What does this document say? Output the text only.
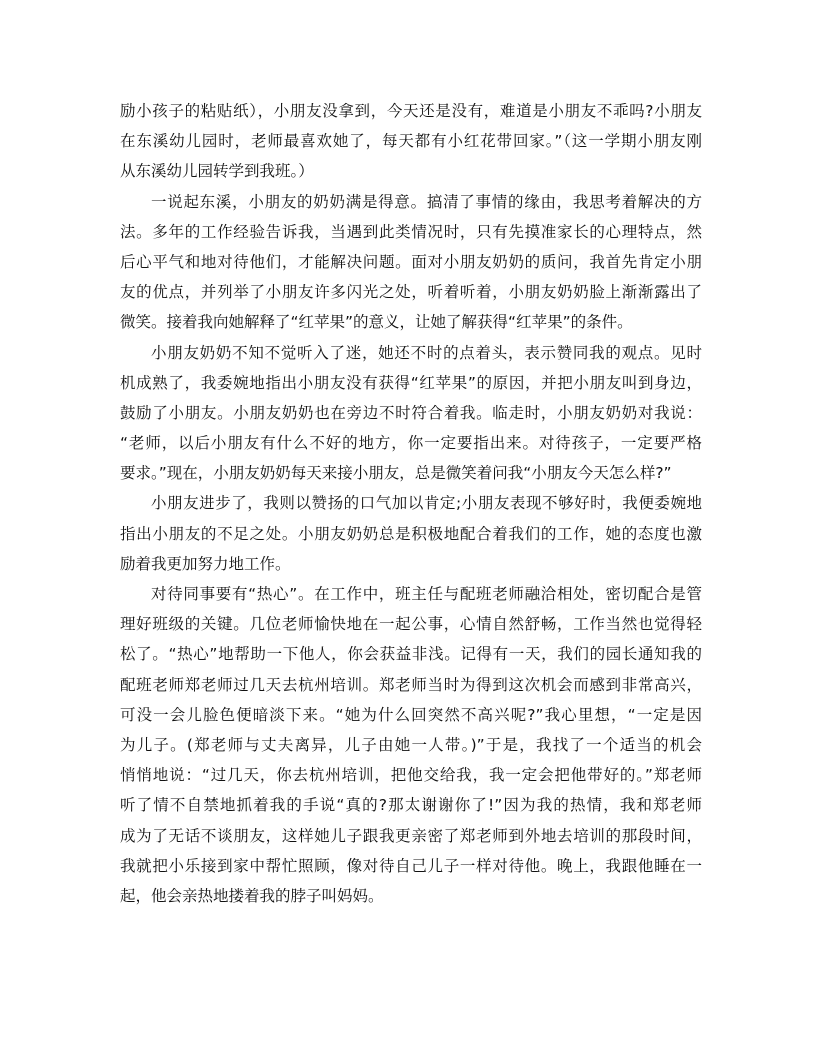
励小孩子的粘贴纸），小朋友没拿到，今天还是没有，难道是小朋友不乖吗?小朋友
在东溪幼儿园时，老师最喜欢她了，每天都有小红花带回家。”（这一学期小朋友刚
从东溪幼儿园转学到我班。）
一说起东溪，小朋友的奶奶满是得意。搞清了事情的缘由，我思考着解决的方
法。多年的工作经验告诉我，当遇到此类情况时，只有先摸准家长的心理特点，然
后心平气和地对待他们，才能解决问题。面对小朋友奶奶的质问，我首先肯定小朋
友的优点，并列举了小朋友许多闪光之处，听着听着，小朋友奶奶脸上渐渐露出了
微笑。接着我向她解释了“红苹果”的意义，让她了解获得“红苹果”的条件。
小朋友奶奶不知不觉听入了迷，她还不时的点着头，表示赞同我的观点。见时
机成熟了，我委婉地指出小朋友没有获得“红苹果”的原因，并把小朋友叫到身边，
鼓励了小朋友。小朋友奶奶也在旁边不时符合着我。临走时，小朋友奶奶对我说：
“老师，以后小朋友有什么不好的地方，你一定要指出来。对待孩子，一定要严格
要求。”现在，小朋友奶奶每天来接小朋友，总是微笑着问我“小朋友今天怎么样?”
小朋友进步了，我则以赞扬的口气加以肯定;小朋友表现不够好时，我便委婉地
指出小朋友的不足之处。小朋友奶奶总是积极地配合着我们的工作，她的态度也激
励着我更加努力地工作。
对待同事要有“热心”。在工作中，班主任与配班老师融洽相处，密切配合是管
理好班级的关键。几位老师愉快地在一起公事，心情自然舒畅，工作当然也觉得轻
松了。“热心”地帮助一下他人，你会获益非浅。记得有一天，我们的园长通知我的
配班老师郑老师过几天去杭州培训。郑老师当时为得到这次机会而感到非常高兴，
可没一会儿脸色便暗淡下来。“她为什么回突然不高兴呢?”我心里想，“一定是因
为儿子。(郑老师与丈夫离异，儿子由她一人带。)”于是，我找了一个适当的机会
悄悄地说：“过几天，你去杭州培训，把他交给我，我一定会把他带好的。”郑老师
听了情不自禁地抓着我的手说“真的?那太谢谢你了!”因为我的热情，我和郑老师
成为了无话不谈朋友，这样她儿子跟我更亲密了郑老师到外地去培训的那段时间，
我就把小乐接到家中帮忙照顾，像对待自己儿子一样对待他。晚上，我跟他睡在一
起，他会亲热地搂着我的脖子叫妈妈。
